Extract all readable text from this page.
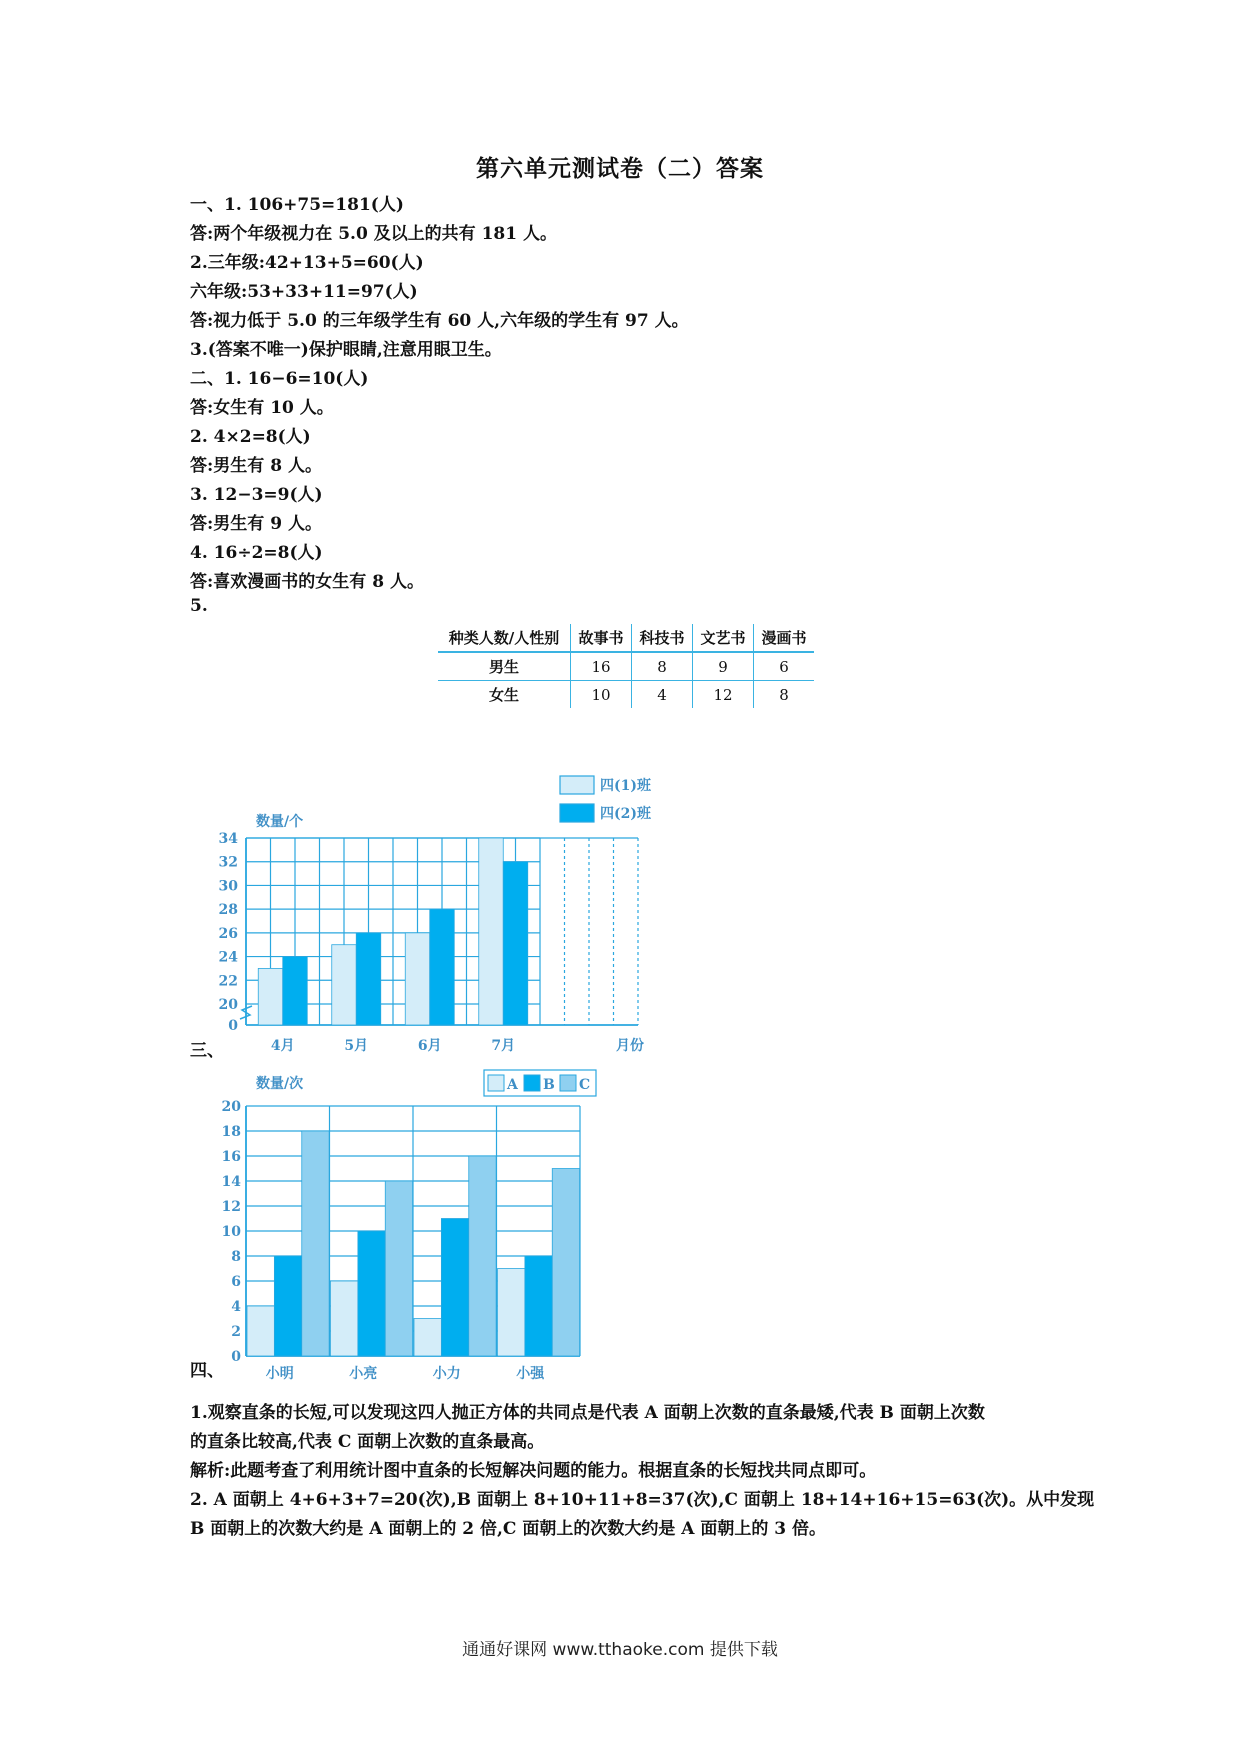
第六单元测试卷（二）答案
一、1. 106+75=181(人)
答:两个年级视力在 5.0 及以上的共有 181 人。
2.三年级:42+13+5=60(人)
六年级:53+33+11=97(人)
答:视力低于 5.0 的三年级学生有 60 人,六年级的学生有 97 人。
3.(答案不唯一)保护眼睛,注意用眼卫生。
二、1. 16−6=10(人)
答:女生有 10 人。
2. 4×2=8(人)
答:男生有 8 人。
3. 12−3=9(人)
答:男生有 9 人。
4. 16÷2=8(人)
答:喜欢漫画书的女生有 8 人。
5.
种类人数/人性别	故事书	科技书	文艺书	漫画书
男生	16	8	9	6
女生	10	4	12	8
三、
四、
0
20
22
24
26
28
30
32
34
4月	5月	6月	7月	月份
数量/个
四(1)班
四(2)班
0
2
4
6
8
10
12
14
16
18
20
小明	小亮	小力	小强
数量/次	A B C
1.观察直条的长短,可以发现这四人抛正方体的共同点是代表 A 面朝上次数的直条最矮,代表 B 面朝上次数
的直条比较高,代表 C 面朝上次数的直条最高。
解析:此题考查了利用统计图中直条的长短解决问题的能力。根据直条的长短找共同点即可。
2. A 面朝上 4+6+3+7=20(次),B 面朝上 8+10+11+8=37(次),C 面朝上 18+14+16+15=63(次)。从中发现
B 面朝上的次数大约是 A 面朝上的 2 倍,C 面朝上的次数大约是 A 面朝上的 3 倍。
通通好课网 www.tthaoke.com 提供下载
